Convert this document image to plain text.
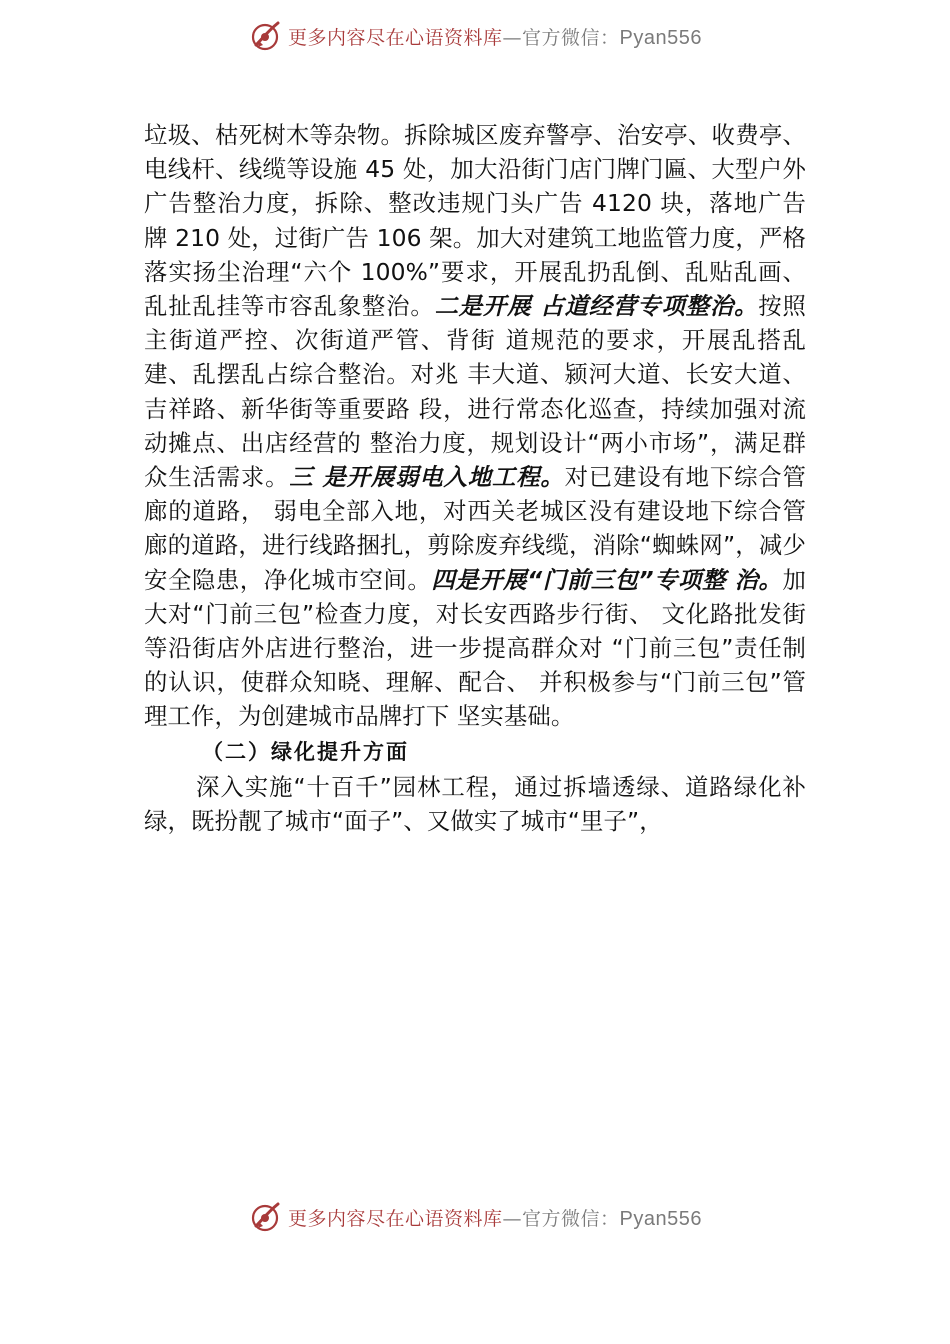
更多内容尽在心语资料库—官方微信：Pyan556

垃圾、枯死树木等杂物。拆除城区废弃警亭、治安亭、收费亭、电线杆、线缆等设施 45 处，加大沿街门店门牌门匾、大型户外广告整治力度，拆除、整改违规门头广告 4120 块，落地广告牌 210 处，过街广告 106 架。加大对建筑工地监管力度，严格落实扬尘治理“六个 100%”要求，开展乱扔乱倒、乱贴乱画、乱扯乱挂等市容乱象整治。二是开展 占道经营专项整治。按照主街道严控、次街道严管、背街 道规范的要求，开展乱搭乱建、乱摆乱占综合整治。对兆 丰大道、颍河大道、长安大道、吉祥路、新华街等重要路 段，进行常态化巡查，持续加强对流动摊点、出店经营的 整治力度，规划设计“两小市场”，满足群众生活需求。三 是开展弱电入地工程。对已建设有地下综合管廊的道路， 弱电全部入地，对西关老城区没有建设地下综合管廊的道路，进行线路捆扎，剪除废弃线缆，消除“蜘蛛网”，减少安全隐患，净化城市空间。四是开展“门前三包”专项整 治。加大对“门前三包”检查力度，对长安西路步行街、 文化路批发街等沿街店外店进行整治，进一步提高群众对 “门前三包”责任制的认识，使群众知晓、理解、配合、 并积极参与“门前三包”管理工作，为创建城市品牌打下 坚实基础。

（二）绿化提升方面

深入实施“十百千”园林工程，通过拆墙透绿、道路绿化补绿，既扮靓了城市“面子”、又做实了城市“里子”，

更多内容尽在心语资料库—官方微信：Pyan556
